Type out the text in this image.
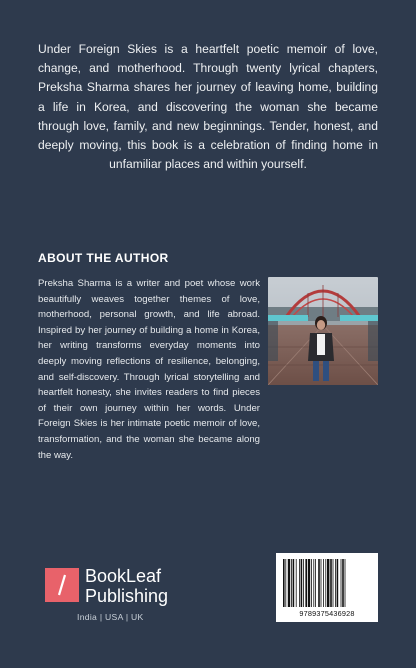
Under Foreign Skies is a heartfelt poetic memoir of love, change, and motherhood. Through twenty lyrical chapters, Preksha Sharma shares her journey of leaving home, building a life in Korea, and discovering the woman she became through love, family, and new beginnings. Tender, honest, and deeply moving, this book is a celebration of finding home in unfamiliar places and within yourself.
ABOUT THE AUTHOR
Preksha Sharma is a writer and poet whose work beautifully weaves together themes of love, motherhood, personal growth, and life abroad. Inspired by her journey of building a home in Korea, her writing transforms everyday moments into deeply moving reflections of resilience, belonging, and self-discovery. Through lyrical storytelling and heartfelt honesty, she invites readers to find pieces of their own journey within her words. Under Foreign Skies is her intimate poetic memoir of love, transformation, and the woman she became along the way.
BookLeaf
Publishing
India | USA | UK	9789375436928
